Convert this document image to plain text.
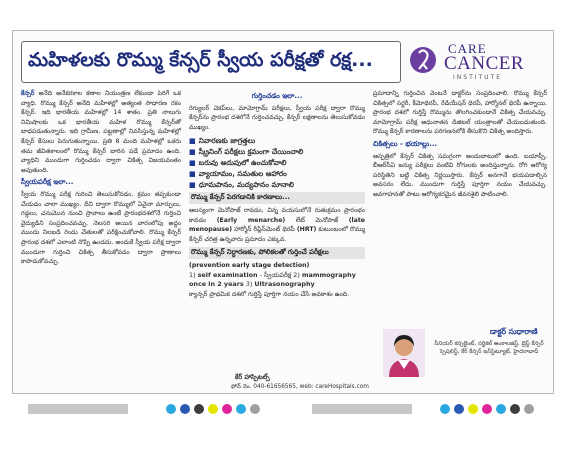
మహిళలకు రొమ్ము కేన్సర్ స్వీయ పరీక్షతో రక్ష...	CARE
CANCER
INSTITUTE

కేన్సర్ అనేది అనేకరకాల కణాల నియంత్రణ లేకుండా పెరిగే ఒక వ్యాధి. రొమ్ము కేన్సర్ అనేది మహిళల్లో అత్యంత సాధారణ రకం కేన్సర్. ఇది భారతీయ మహిళల్లో 14 శాతం. ప్రతి నాలుగు నిమిషాలకు ఒక భారతీయ మహిళ రొమ్ము కేన్సర్‌తో బాధపడుతున్నారు. ఇది గ్రామీణ, పట్టణాల్లో నివసిస్తున్న మహిళల్లో కేన్సర్ కేసులు పెరుగుతున్నాయి. ప్రతి 8 మంది మహిళల్లో ఒకరు తమ జీవితకాలంలో రొమ్ము కేన్సర్ బారిన పడే ప్రమాదం ఉంది. వ్యాధిని ముందుగా గుర్తించడం ద్వారా చికిత్స విజయవంతం అవుతుంది.

స్వీయపరీక్ష ఇలా...

స్వీయ రొమ్ము పరీక్ష గురించి తెలుసుకోవడం, క్రమం తప్పకుండా చేయడం చాలా ముఖ్యం. దీని ద్వారా రొమ్ములో ఏవైనా మార్పులు, గడ్డలు, చనుమొన నుంచి స్రావాలు ఉంటే ప్రారంభదశలోనే గుర్తించి వైద్యుడిని సంప్రదించవచ్చు. నెలసరి అయిన వారంలోపు అద్దం ముందు నిలబడి రెండు చేతులతో పరీక్షించుకోవాలి. రొమ్ము కేన్సర్ ప్రారంభ దశలో ఎలాంటి నొప్పి ఉండదు. అందుకే స్వీయ పరీక్ష ద్వారా ముందుగా గుర్తించి చికిత్స తీసుకోవడం ద్వారా ప్రాణాలు కాపాడుకోవచ్చు.

గుర్తించడం ఇలా...

రెగ్యులర్ చెకప్‌లు, మామోగ్రామ్ పరీక్షలు, స్వీయ పరీక్ష ద్వారా రొమ్ము కేన్సర్‌ను ప్రారంభ దశలోనే గుర్తించవచ్చు. కేన్సర్ లక్షణాలను తెలుసుకోవడం ముఖ్యం.

■ నివారణకు జాగ్రత్తలు
■ స్క్రీనింగ్ పరీక్షలు క్రమంగా చేయించాలి
■ బరువు అదుపులో ఉంచుకోవాలి
■ వ్యాయామం, సమతుల ఆహారం
■ ధూమపానం, మద్యపానం మానాలి
రొమ్ము కేన్సర్ పెరగడానికి కారణాలు...

ఆలస్యంగా మెనోపాజ్ రావడం, చిన్న వయసులోనే రుతుక్రమం ప్రారంభం కావడం (Early menarche) లేట్ మెనోపాజ్ (late menopause) హార్మోన్ రీప్లేస్‌మెంట్ థెరపీ (HRT) కుటుంబంలో రొమ్ము కేన్సర్ చరిత్ర ఉన్నవారు ప్రమాదం ఎక్కువ.

రొమ్ము కేన్సర్ నిర్ధారణకు, పోలికలతో గుర్తించే పరీక్షలు
(prevention early stage detection)
1) self examination - స్వీయపరీక్ష 2) mammography
once in 2 years 3) Ultrasonography

క్యాన్సర్ ప్రాథమిక దశలో గుర్తిస్తే పూర్తిగా నయం చేసే అవకాశం ఉంది.

ప్రమాదాన్ని గుర్తించిన వెంటనే డాక్టర్‌ను సంప్రదించాలి. రొమ్ము కేన్సర్ చికిత్సలో సర్జరీ, కీమోథెరపీ, రేడియేషన్ థెరపీ, హార్మోనల్ థెరపీ ఉన్నాయి. ప్రారంభ దశలో గుర్తిస్తే రొమ్మును తొలగించకుండానే చికిత్స చేయవచ్చు. మామోగ్రామ్ పరీక్ష అధునాతన డిజిటల్ యంత్రాలతో చేయబడుతుంది. రొమ్ము కేన్సర్ కారణాలను పరిగణనలోకి తీసుకొని చికిత్స అందిస్తారు.

చికిత్సలు - భయాల్లు...

ఆస్పత్రిలో కేన్సర్ చికిత్స సమగ్రంగా అందుబాటులో ఉంది. బయాప్సీ, బీఆర్‌సీఏ జన్యు పరీక్షలు వంటివి రోగులకు అందిస్తున్నారు. రోగి ఆరోగ్య పరిస్థితిని బట్టి చికిత్స నిర్ణయిస్తారు. కేన్సర్ అనగానే భయపడాల్సిన అవసరం లేదు. ముందుగా గుర్తిస్తే పూర్తిగా నయం చేయవచ్చు. అవగాహనతో పాటు ఆరోగ్యకరమైన జీవనశైలి పాటించాలి.

డాక్టర్ సుధారాణి
సీనియర్ కన్సల్టెంట్, సర్జికల్ ఆంకాలజిస్ట్, బ్రెస్ట్ కేన్సర్ స్పెషలిస్ట్, కేర్ కేన్సర్ ఇన్‌స్టిట్యూట్, హైదరాబాద్
కేర్ హాస్పిటల్స్
ఫోన్ నెం. 040-61656565, web: careHospitals.com
